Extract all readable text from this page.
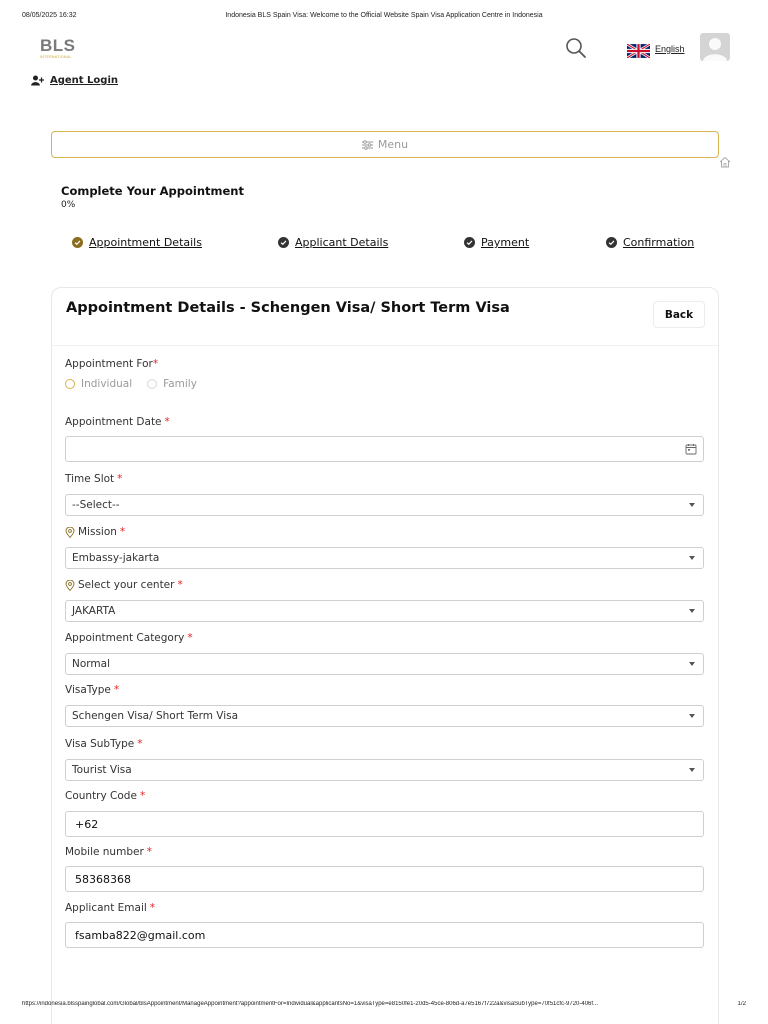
08/05/2025 16:32	Indonesia BLS Spain Visa: Welcome to the Official Website Spain Visa Application Centre in Indonesia
BLS
INTERNATIONAL
English
Agent Login
Menu
Complete Your Appointment
0%
Appointment Details	Applicant Details	Payment	Confirmation
Appointment Details - Schengen Visa/ Short Term Visa	Back
Appointment For *
Individual	Family
Appointment Date *
Time Slot *
--Select--
Mission *
Embassy-jakarta
Select your center *
JAKARTA
Appointment Category *
Normal
VisaType *
Schengen Visa/ Short Term Visa
Visa SubType *
Tourist Visa
Country Code *
+62
Mobile number *
58368368
Applicant Email *
fsamba822@gmail.com
https://indonesia.blsspainglobal.com/Global/blsAppointment/ManageAppointment?appointmentFor=Individual&applicantsNo=1&visaType=e8150fe1-20d5-45ce-806d-a7e5167f722a&visaSubType=70f51cfc-9720-406f...	1/2
